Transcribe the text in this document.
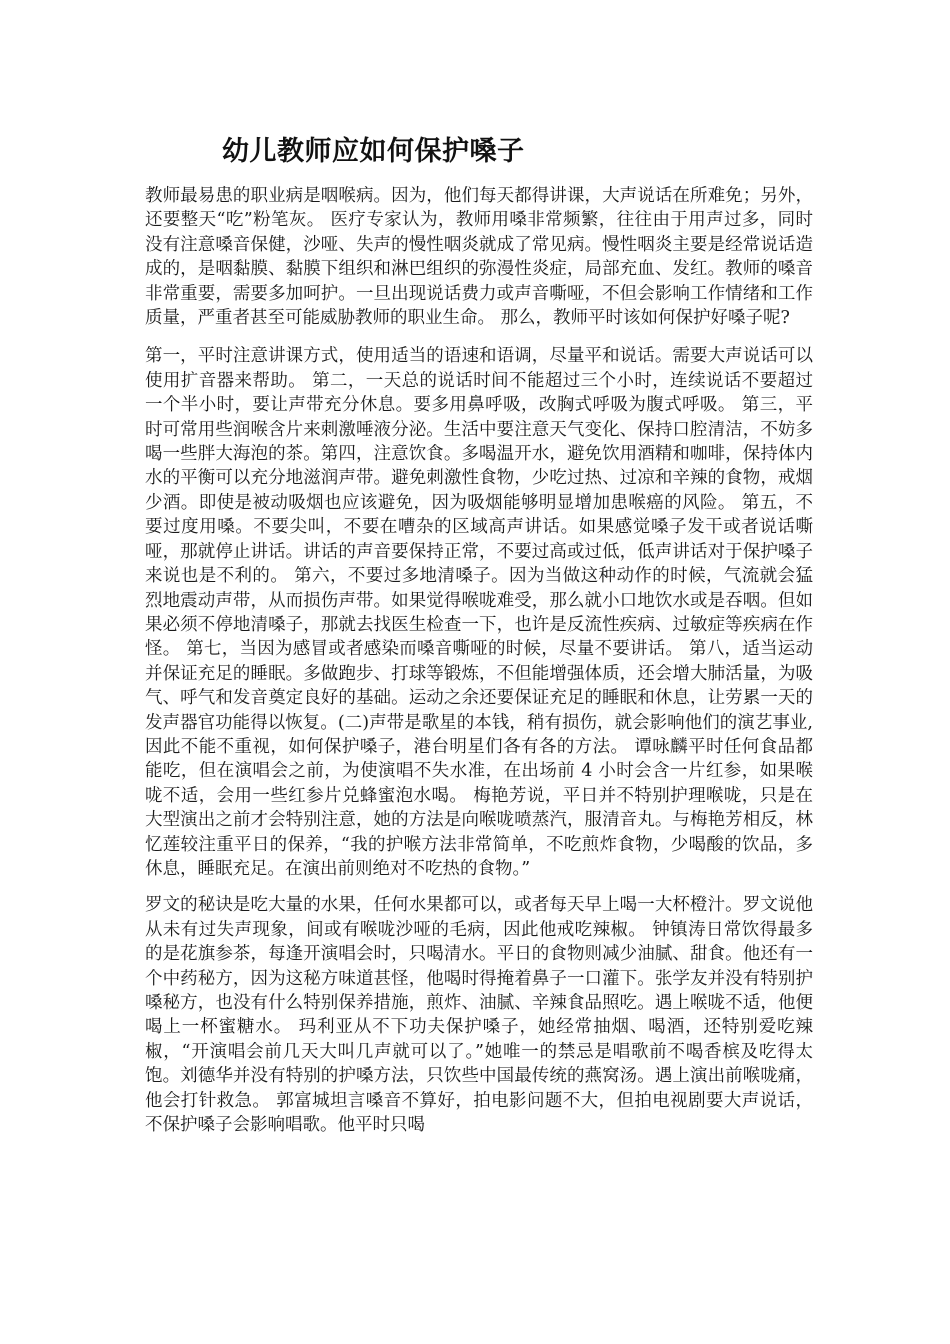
幼儿教师应如何保护嗓子

教师最易患的职业病是咽喉病。因为，他们每天都得讲课，大声说话在所难免；另外，还要整天“吃”粉笔灰。 医疗专家认为，教师用嗓非常频繁，往往由于用声过多，同时没有注意嗓音保健，沙哑、失声的慢性咽炎就成了常见病。慢性咽炎主要是经常说话造成的，是咽黏膜、黏膜下组织和淋巴组织的弥漫性炎症，局部充血、发红。教师的嗓音非常重要，需要多加呵护。一旦出现说话费力或声音嘶哑，不但会影响工作情绪和工作质量，严重者甚至可能威胁教师的职业生命。 那么，教师平时该如何保护好嗓子呢?

第一，平时注意讲课方式，使用适当的语速和语调，尽量平和说话。需要大声说话可以使用扩音器来帮助。 第二，一天总的说话时间不能超过三个小时，连续说话不要超过一个半小时，要让声带充分休息。要多用鼻呼吸，改胸式呼吸为腹式呼吸。 第三，平时可常用些润喉含片来刺激唾液分泌。生活中要注意天气变化、保持口腔清洁，不妨多喝一些胖大海泡的茶。第四，注意饮食。多喝温开水，避免饮用酒精和咖啡，保持体内水的平衡可以充分地滋润声带。避免刺激性食物，少吃过热、过凉和辛辣的食物，戒烟少酒。即使是被动吸烟也应该避免，因为吸烟能够明显增加患喉癌的风险。 第五，不要过度用嗓。不要尖叫，不要在嘈杂的区域高声讲话。如果感觉嗓子发干或者说话嘶哑，那就停止讲话。讲话的声音要保持正常，不要过高或过低，低声讲话对于保护嗓子来说也是不利的。 第六，不要过多地清嗓子。因为当做这种动作的时候，气流就会猛烈地震动声带，从而损伤声带。如果觉得喉咙难受，那么就小口地饮水或是吞咽。但如果必须不停地清嗓子，那就去找医生检查一下，也许是反流性疾病、过敏症等疾病在作怪。 第七，当因为感冒或者感染而嗓音嘶哑的时候，尽量不要讲话。 第八，适当运动并保证充足的睡眠。多做跑步、打球等锻炼，不但能增强体质，还会增大肺活量，为吸气、呼气和发音奠定良好的基础。运动之余还要保证充足的睡眠和休息，让劳累一天的发声器官功能得以恢复。(二)声带是歌星的本钱，稍有损伤，就会影响他们的演艺事业,因此不能不重视，如何保护嗓子，港台明星们各有各的方法。 谭咏麟平时任何食品都能吃，但在演唱会之前，为使演唱不失水准，在出场前 4 小时会含一片红参，如果喉咙不适，会用一些红参片兑蜂蜜泡水喝。 梅艳芳说，平日并不特别护理喉咙，只是在大型演出之前才会特别注意，她的方法是向喉咙喷蒸汽，服清音丸。与梅艳芳相反，林忆莲较注重平日的保养，“我的护喉方法非常简单，不吃煎炸食物，少喝酸的饮品，多休息，睡眠充足。在演出前则绝对不吃热的食物。”

罗文的秘诀是吃大量的水果，任何水果都可以，或者每天早上喝一大杯橙汁。罗文说他从未有过失声现象，间或有喉咙沙哑的毛病，因此他戒吃辣椒。 钟镇涛日常饮得最多的是花旗参茶，每逢开演唱会时，只喝清水。平日的食物则减少油腻、甜食。他还有一个中药秘方，因为这秘方味道甚怪，他喝时得掩着鼻子一口灌下。张学友并没有特别护嗓秘方，也没有什么特别保养措施，煎炸、油腻、辛辣食品照吃。遇上喉咙不适，他便喝上一杯蜜糖水。 玛利亚从不下功夫保护嗓子，她经常抽烟、喝酒，还特别爱吃辣椒，“开演唱会前几天大叫几声就可以了。”她唯一的禁忌是唱歌前不喝香槟及吃得太饱。刘德华并没有特别的护嗓方法，只饮些中国最传统的燕窝汤。遇上演出前喉咙痛，他会打针救急。 郭富城坦言嗓音不算好，拍电影问题不大，但拍电视剧要大声说话，不保护嗓子会影响唱歌。他平时只喝
